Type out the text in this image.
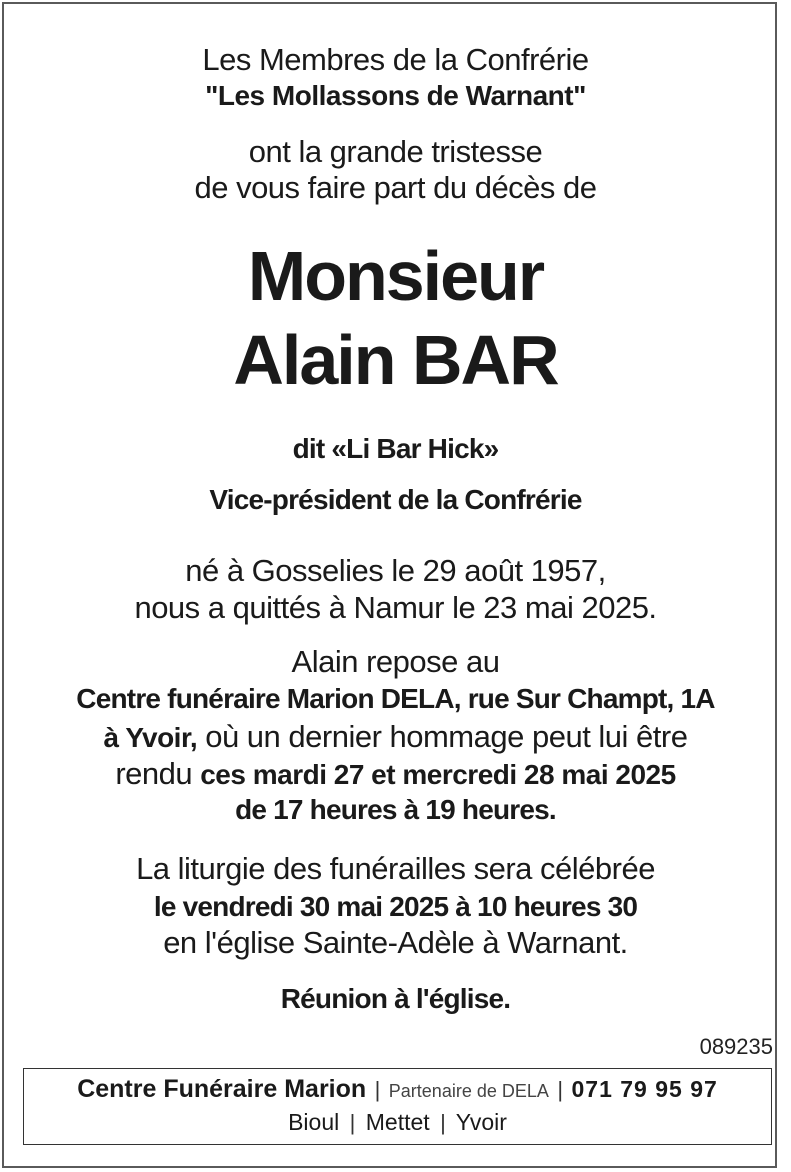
Les Membres de la Confrérie
"Les Mollassons de Warnant"
ont la grande tristesse
de vous faire part du décès de
Monsieur
Alain BAR
dit «Li Bar Hick»
Vice-président de la Confrérie
né à Gosselies le 29 août 1957,
nous a quittés à Namur le 23 mai 2025.
Alain repose au
Centre funéraire Marion DELA, rue Sur Champt, 1A
à Yvoir, où un dernier hommage peut lui être
rendu ces mardi 27 et mercredi 28 mai 2025
de 17 heures à 19 heures.
La liturgie des funérailles sera célébrée
le vendredi 30 mai 2025 à 10 heures 30
en l'église Sainte-Adèle à Warnant.
Réunion à l'église.
089235
Centre Funéraire Marion | Partenaire de DELA | 071 79 95 97
Bioul | Mettet | Yvoir
